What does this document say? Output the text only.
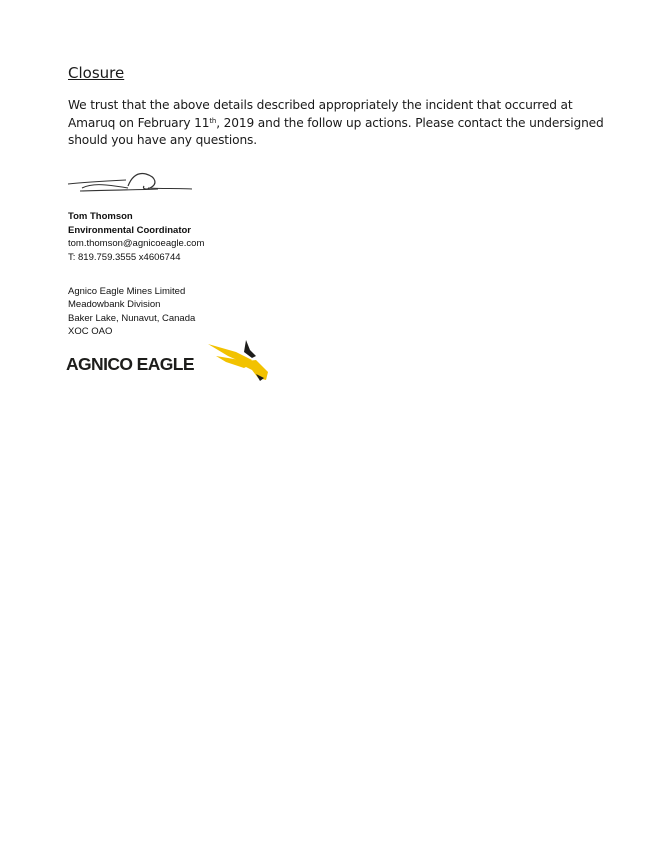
Closure
We trust that the above details described appropriately the incident that occurred at Amaruq on February 11th, 2019 and the follow up actions. Please contact the undersigned should you have any questions.
Tom Thomson
Environmental Coordinator
tom.thomson@agnicoeagle.com
T: 819.759.3555 x4606744
Agnico Eagle Mines Limited
Meadowbank Division
Baker Lake, Nunavut, Canada
XOC OAO
AGNICO EAGLE
